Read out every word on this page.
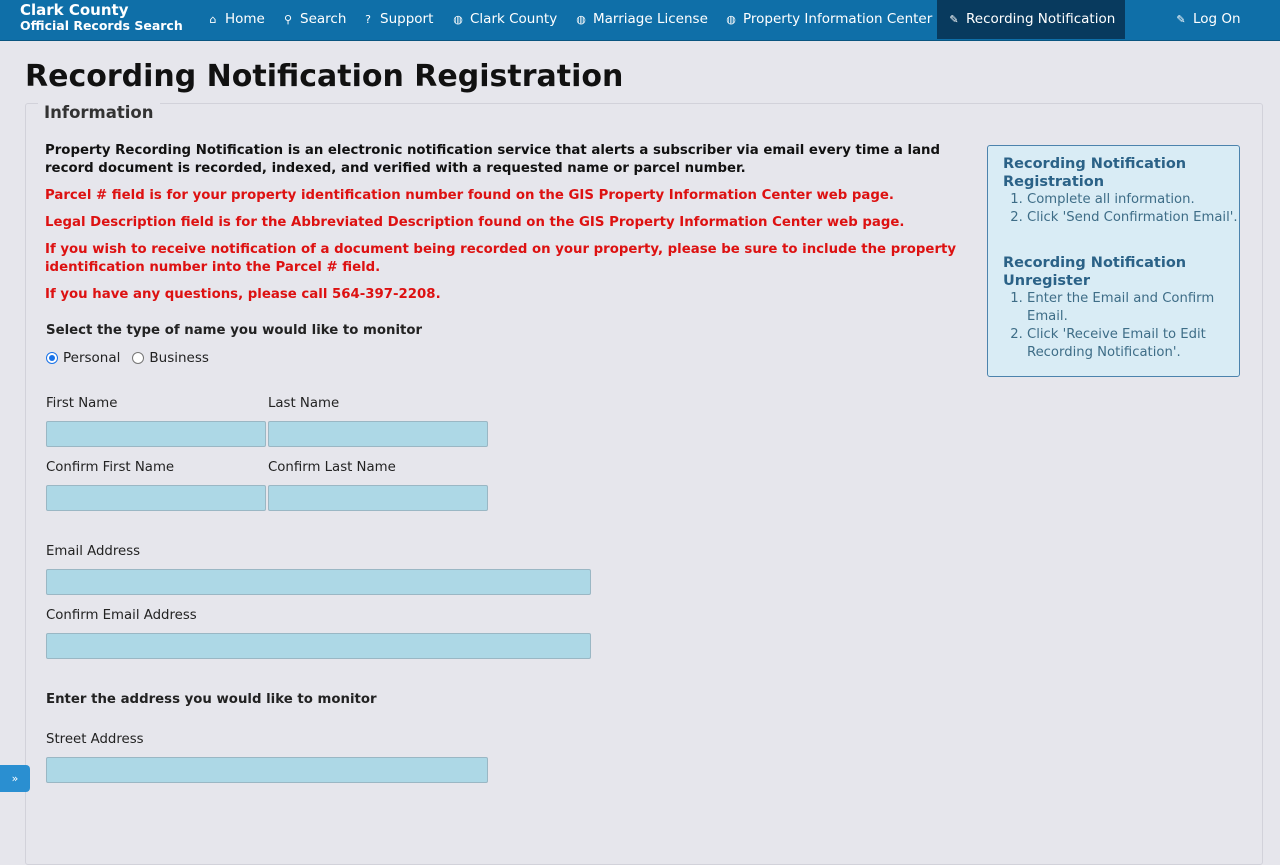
Clark County
Official Records Search	⌂ Home ⚲ Search	? Support ◍ Clark County ◍ Marriage License ◍ Property Information Center	✎ Recording Notification	✎ Log On
Recording Notification Registration
Information

Property Recording Notification is an electronic notification service that alerts a subscriber via email every time a land record document is recorded, indexed, and verified with a requested name or parcel number.

Parcel # field is for your property identification number found on the GIS Property Information Center web page.

Legal Description field is for the Abbreviated Description found on the GIS Property Information Center web page.

If you wish to receive notification of a document being recorded on your property, please be sure to include the property identification number into the Parcel # field.

If you have any questions, please call 564-397-2208.

Select the type of name you would like to monitor
Personal Business
First Name	Last Name
Confirm First Name	Confirm Last Name
Email Address
Confirm Email Address
Enter the address you would like to monitor
Street Address
Recording Notification Registration
1. Complete all information.
2. Click 'Send Confirmation Email'.
Recording Notification Unregister
1. Enter the Email and Confirm Email.
2. Click 'Receive Email to Edit Recording Notification'.
»
